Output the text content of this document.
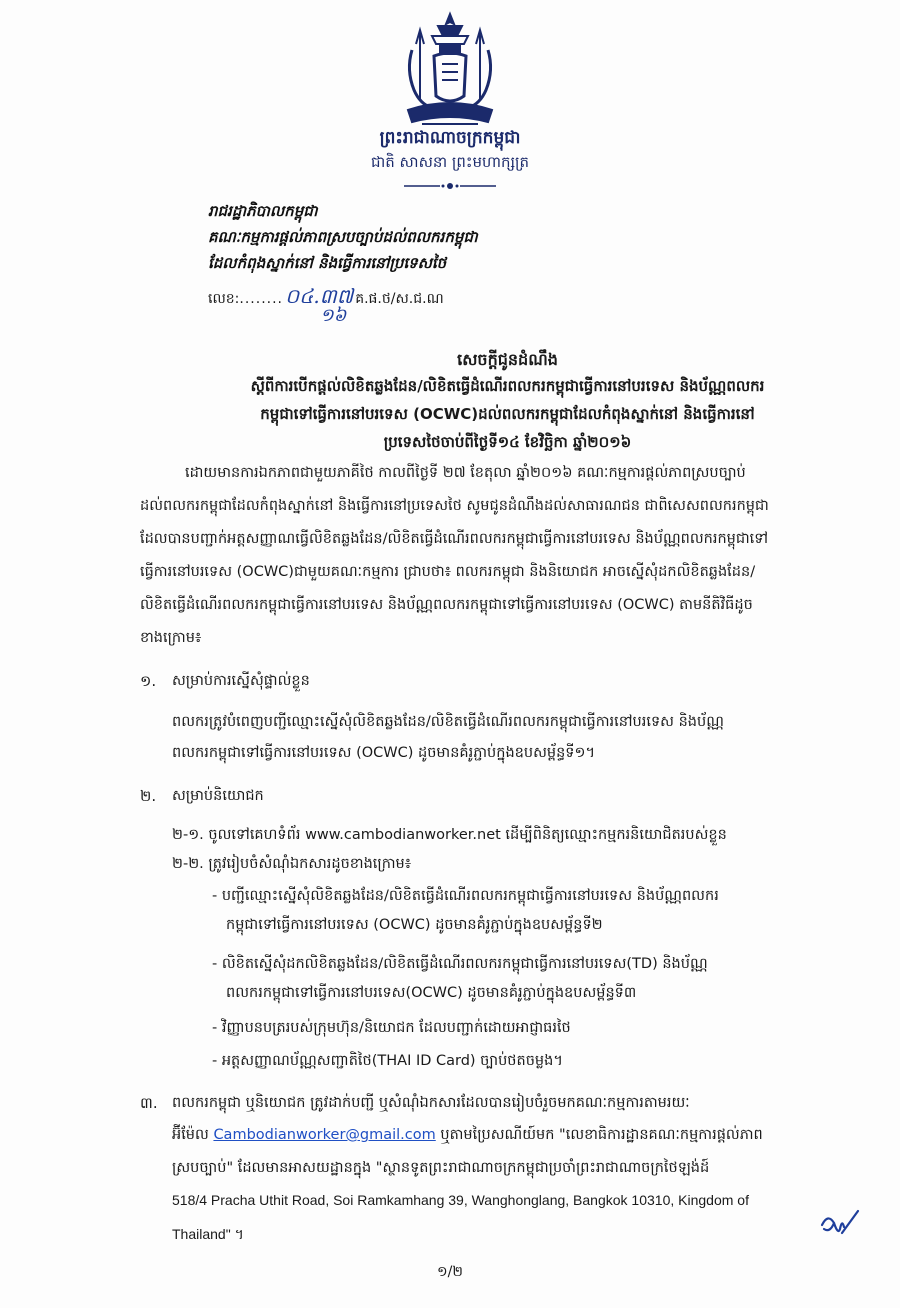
ព្រះរាជាណាចក្រកម្ពុជា
ជាតិ សាសនា ព្រះមហាក្សត្រ
រាជរដ្ឋាភិបាលកម្ពុជា
គណៈកម្មការផ្តល់ភាពស្របច្បាប់ដល់ពលករកម្ពុជា
ដែលកំពុងស្នាក់នៅ និងធ្វើការនៅប្រទេសថៃ
លេខ: ........ ០៤.៣៧ គ.ផ.ថ/ស.ជ.ណ
១៦
សេចក្តីជូនដំណឹង
ស្តីពីការបើកផ្តល់លិខិតឆ្លងដែន/លិខិតធ្វើដំណើរពលករកម្ពុជាធ្វើការនៅបរទេស និងប័ណ្ណពលករ
កម្ពុជាទៅធ្វើការនៅបរទេស (OCWC)ដល់ពលករកម្ពុជាដែលកំពុងស្នាក់នៅ និងធ្វើការនៅ
ប្រទេសថៃចាប់ពីថ្ងៃទី១៤ ខែវិច្ឆិកា ឆ្នាំ២០១៦
ដោយមានការឯកភាពជាមួយភាគីថៃ កាលពីថ្ងៃទី ២៧ ខែតុលា ឆ្នាំ២០១៦ គណៈកម្មការផ្តល់ភាពស្របច្បាប់
ដល់ពលករកម្ពុជាដែលកំពុងស្នាក់នៅ និងធ្វើការនៅប្រទេសថៃ សូមជូនដំណឹងដល់សាធារណជន ជាពិសេសពលករកម្ពុជា
ដែលបានបញ្ជាក់អត្តសញ្ញាណធ្វើលិខិតឆ្លងដែន/លិខិតធ្វើដំណើរពលករកម្ពុជាធ្វើការនៅបរទេស និងប័ណ្ណពលករកម្ពុជាទៅ
ធ្វើការនៅបរទេស (OCWC)ជាមួយគណៈកម្មការ ជ្រាបថា៖ ពលករកម្ពុជា និងនិយោជក អាចស្នើសុំដកលិខិតឆ្លងដែន/
លិខិតធ្វើដំណើរពលករកម្ពុជាធ្វើការនៅបរទេស និងប័ណ្ណពលករកម្ពុជាទៅធ្វើការនៅបរទេស (OCWC) តាមនីតិវិធីដូច
ខាងក្រោម៖
១. សម្រាប់ការស្នើសុំផ្ទាល់ខ្លួន
ពលករត្រូវបំពេញបញ្ជីឈ្មោះស្នើសុំលិខិតឆ្លងដែន/លិខិតធ្វើដំណើរពលករកម្ពុជាធ្វើការនៅបរទេស និងប័ណ្ណ
ពលករកម្ពុជាទៅធ្វើការនៅបរទេស (OCWC) ដូចមានគំរូភ្ជាប់ក្នុងឧបសម្ព័ន្ធទី១។
២. សម្រាប់និយោជក
២-១. ចូលទៅគេហទំព័រ www.cambodianworker.net ដើម្បីពិនិត្យឈ្មោះកម្មករនិយោជិតរបស់ខ្លួន
២-២. ត្រូវរៀបចំសំណុំឯកសារដូចខាងក្រោម៖
- បញ្ជីឈ្មោះស្នើសុំលិខិតឆ្លងដែន/លិខិតធ្វើដំណើរពលករកម្ពុជាធ្វើការនៅបរទេស និងប័ណ្ណពលករ
កម្ពុជាទៅធ្វើការនៅបរទេស (OCWC) ដូចមានគំរូភ្ជាប់ក្នុងឧបសម្ព័ន្ធទី២
- លិខិតស្នើសុំដកលិខិតឆ្លងដែន/លិខិតធ្វើដំណើរពលករកម្ពុជាធ្វើការនៅបរទេស(TD) និងប័ណ្ណ
ពលករកម្ពុជាទៅធ្វើការនៅបរទេស(OCWC) ដូចមានគំរូភ្ជាប់ក្នុងឧបសម្ព័ន្ធទី៣
- វិញ្ញាបនបត្ររបស់ក្រុមហ៊ុន/និយោជក ដែលបញ្ជាក់ដោយអាជ្ញាធរថៃ
- អត្តសញ្ញាណប័ណ្ណសញ្ជាតិថៃ(THAI ID Card) ច្បាប់ថតចម្លង។
៣. ពលករកម្ពុជា ឬនិយោជក ត្រូវដាក់បញ្ជី ឬសំណុំឯកសារដែលបានរៀបចំរួចមកគណៈកម្មការតាមរយៈ
អ៊ីម៉ែល Cambodianworker@gmail.com ឬតាមប្រៃសណីយ៍មក "លេខាធិការដ្ឋានគណៈកម្មការផ្តល់ភាព
ស្របច្បាប់" ដែលមានអាសយដ្ឋានក្នុង "ស្ថានទូតព្រះរាជាណាចក្រកម្ពុជាប្រចាំព្រះរាជាណាចក្រថៃឡង់ដ៍
518/4 Pracha Uthit Road, Soi Ramkamhang 39, Wanghonglang, Bangkok 10310, Kingdom of
Thailand" ។
១/២
